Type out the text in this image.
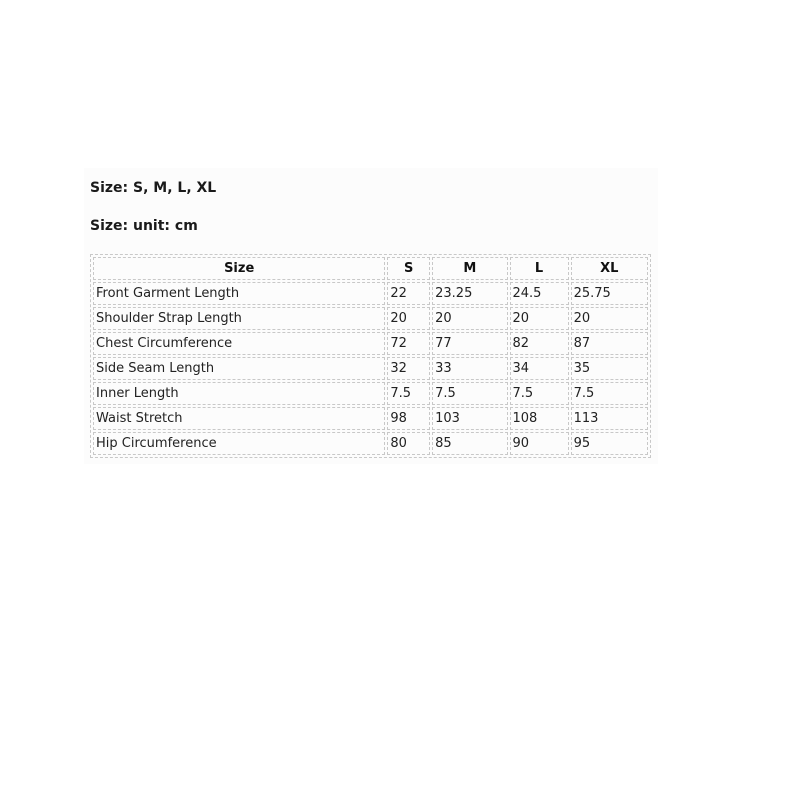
Size: S, M, L, XL
Size: unit: cm
Size	S	M	L	XL
Front Garment Length	22	23.25	24.5	25.75
Shoulder Strap Length	20	20	20	20
Chest Circumference	72	77	82	87
Side Seam Length	32	33	34	35
Inner Length	7.5	7.5	7.5	7.5
Waist Stretch	98	103	108	113
Hip Circumference	80	85	90	95
